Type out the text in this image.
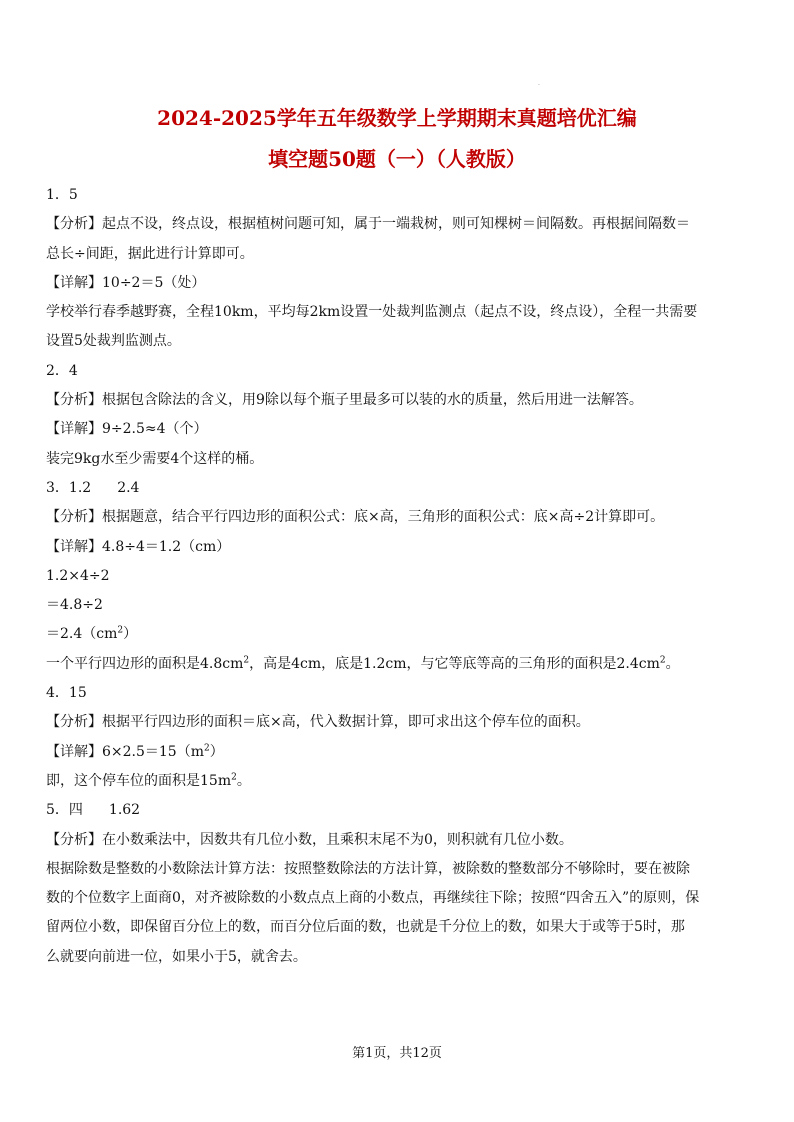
.
2024-2025学年五年级数学上学期期末真题培优汇编
填空题50题（一）（人教版）
1．5
【分析】起点不设，终点设，根据植树问题可知，属于一端栽树，则可知棵树＝间隔数。再根据间隔数＝
总长÷间距，据此进行计算即可。
【详解】10÷2＝5（处）
学校举行春季越野赛，全程10km，平均每2km设置一处裁判监测点（起点不设，终点设），全程一共需要
设置5处裁判监测点。
2．4
【分析】根据包含除法的含义，用9除以每个瓶子里最多可以装的水的质量，然后用进一法解答。
【详解】9÷2.5≈4（个）
装完9kg水至少需要4个这样的桶。
3．1.2 2.4
【分析】根据题意，结合平行四边形的面积公式：底×高，三角形的面积公式：底×高÷2计算即可。
【详解】4.8÷4＝1.2（cm）
1.2×4÷2
＝4.8÷2
$=2.4(cm^2)$
一个平行四边形的面积是$4.8cm^2$，高是4cm，底是1.2cm，与它等底等高的三角形的面积是$2.4cm^2$。
4．15
【分析】根据平行四边形的面积＝底×高，代入数据计算，即可求出这个停车位的面积。
【详解】$6\times 2.5=15(m^2)$
即，这个停车位的面积是$15m^2$。
5．四 1.62
【分析】在小数乘法中，因数共有几位小数，且乘积末尾不为0，则积就有几位小数。
根据除数是整数的小数除法计算方法：按照整数除法的方法计算，被除数的整数部分不够除时，要在被除
数的个位数字上面商0，对齐被除数的小数点点上商的小数点，再继续往下除；按照“四舍五入”的原则，保
留两位小数，即保留百分位上的数，而百分位后面的数，也就是千分位上的数，如果大于或等于5时，那
么就要向前进一位，如果小于5，就舍去。
第1页，共12页
